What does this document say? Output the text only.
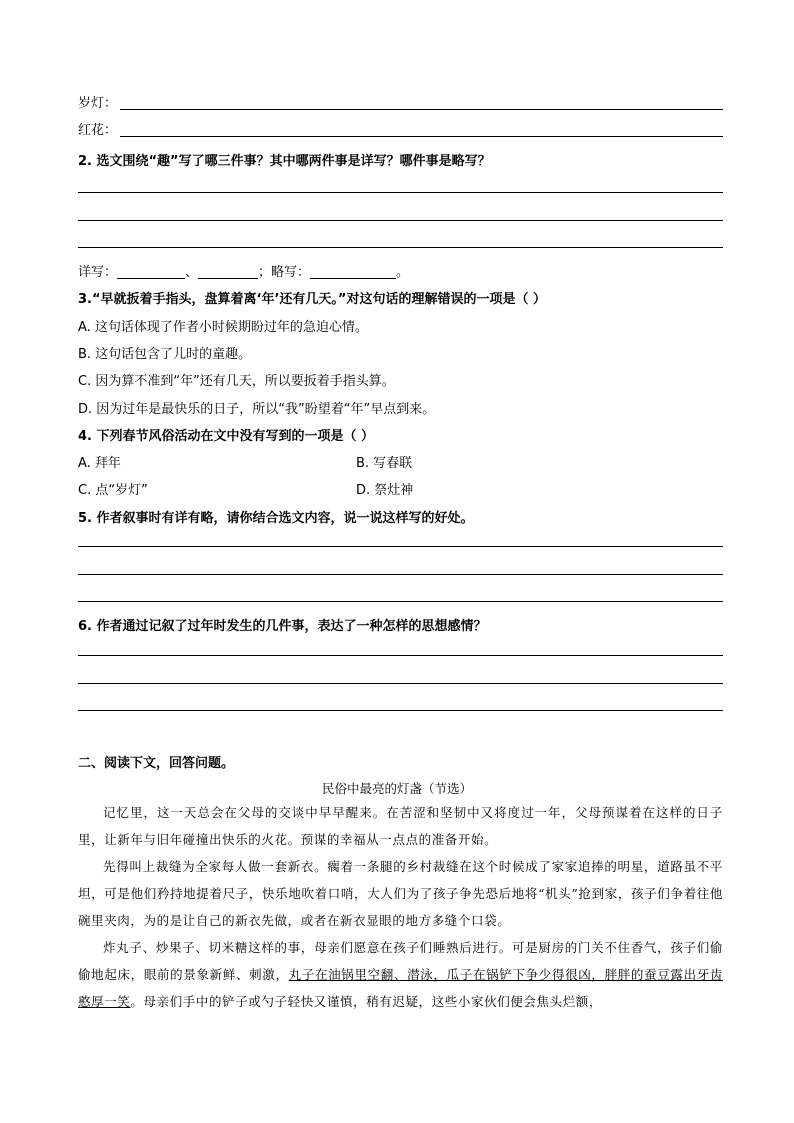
岁灯：
红花：
2. 选文围绕“趣”写了哪三件事？其中哪两件事是详写？哪件事是略写？
详写：	、	；略写：	。
3.“早就扳着手指头，盘算着离‘年’还有几天。”对这句话的理解错误的一项是（ ）
A. 这句话体现了作者小时候期盼过年的急迫心情。
B. 这句话包含了儿时的童趣。
C. 因为算不准到“年”还有几天，所以要扳着手指头算。
D. 因为过年是最快乐的日子，所以“我”盼望着“年”早点到来。
4. 下列春节风俗活动在文中没有写到的一项是（ ）
A. 拜年	B. 写春联
C. 点“岁灯”	D. 祭灶神
5. 作者叙事时有详有略，请你结合选文内容，说一说这样写的好处。
6. 作者通过记叙了过年时发生的几件事，表达了一种怎样的思想感情？
二、阅读下文，回答问题。
民俗中最亮的灯盏（节选）
记忆里，这一天总会在父母的交谈中早早醒来。在苦涩和坚韧中又将度过一年，父母预谋着在这样的日子里，让新年与旧年碰撞出快乐的火花。预谋的幸福从一点点的准备开始。
先得叫上裁缝为全家每人做一套新衣。瘸着一条腿的乡村裁缝在这个时候成了家家追捧的明星，道路虽不平坦，可是他们矜持地提着尺子，快乐地吹着口哨，大人们为了孩子争先恐后地将“机头”抢到家，孩子们争着往他碗里夹肉，为的是让自己的新衣先做，或者在新衣显眼的地方多缝个口袋。
炸丸子、炒果子、切米糖这样的事，母亲们愿意在孩子们睡熟后进行。可是厨房的门关不住香气，孩子们偷偷地起床，眼前的景象新鲜、刺激，丸子在油锅里空翻、潜泳，瓜子在锅铲下争少得很凶，胖胖的蚕豆露出牙齿憨厚一笑。母亲们手中的铲子或勺子轻快又谨慎，稍有迟疑，这些小家伙们便会焦头烂额，
